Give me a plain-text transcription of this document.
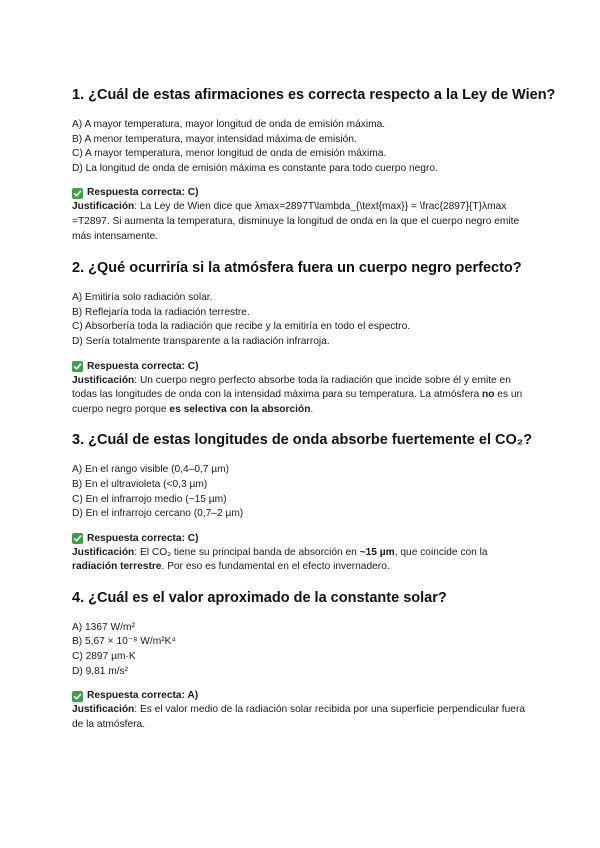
1. ¿Cuál de estas afirmaciones es correcta respecto a la Ley de Wien?
A) A mayor temperatura, mayor longitud de onda de emisión máxima.
B) A menor temperatura, mayor intensidad máxima de emisión.
C) A mayor temperatura, menor longitud de onda de emisión máxima.
D) La longitud de onda de emisión máxima es constante para todo cuerpo negro.
Respuesta correcta: C)
Justificación: La Ley de Wien dice que λmax=2897T\lambda_{\text{max}} = \frac{2897}{T}λmax​=T2897​. Si aumenta la temperatura, disminuye la longitud de onda en la que el cuerpo negro emite más intensamente.
2. ¿Qué ocurriría si la atmósfera fuera un cuerpo negro perfecto?
A) Emitiría solo radiación solar.
B) Reflejaría toda la radiación terrestre.
C) Absorbería toda la radiación que recibe y la emitiría en todo el espectro.
D) Sería totalmente transparente a la radiación infrarroja.
Respuesta correcta: C)
Justificación: Un cuerpo negro perfecto absorbe toda la radiación que incide sobre él y emite en todas las longitudes de onda con la intensidad máxima para su temperatura. La atmósfera no es un cuerpo negro porque es selectiva con la absorción.
3. ¿Cuál de estas longitudes de onda absorbe fuertemente el CO₂?
A) En el rango visible (0,4–0,7 µm)
B) En el ultravioleta (<0,3 µm)
C) En el infrarrojo medio (~15 µm)
D) En el infrarrojo cercano (0,7–2 µm)
Respuesta correcta: C)
Justificación: El CO₂ tiene su principal banda de absorción en ~15 µm, que coincide con la radiación terrestre. Por eso es fundamental en el efecto invernadero.
4. ¿Cuál es el valor aproximado de la constante solar?
A) 1367 W/m²
B) 5,67 × 10⁻⁸ W/m²K⁴
C) 2897 µm·K
D) 9,81 m/s²
Respuesta correcta: A)
Justificación: Es el valor medio de la radiación solar recibida por una superficie perpendicular fuera de la atmósfera.
